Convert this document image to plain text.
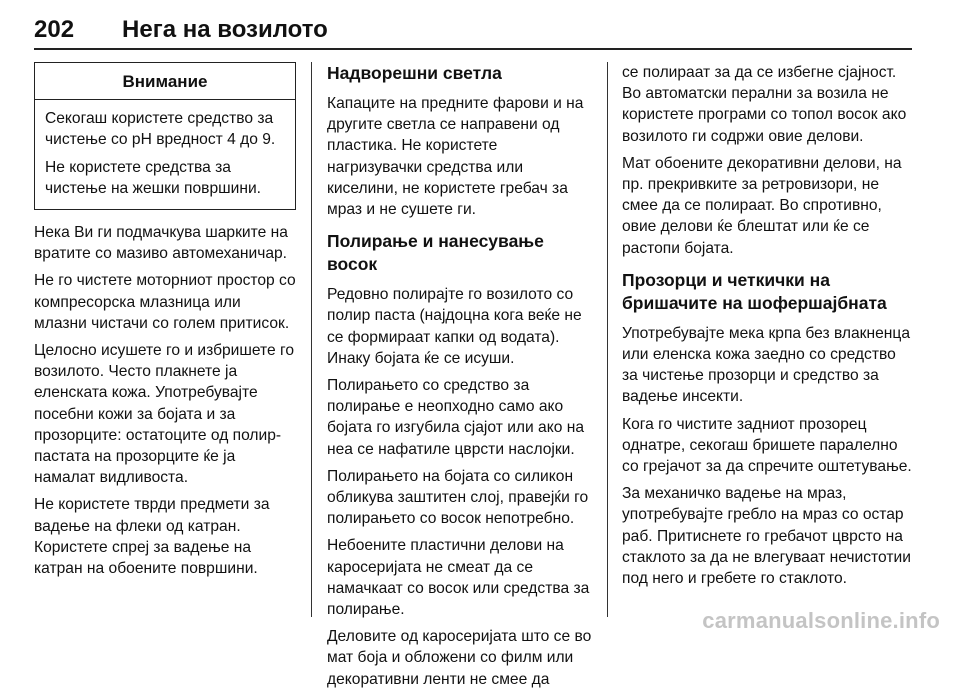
202 Нега на возилото
Внимание

Секогаш користете средство за чистење со pH вредност 4 до 9.

Не користете средства за чистење на жешки површини.

Нека Ви ги подмачкува шарките на вратите со мазиво автомеханичар.

Не го чистете моторниот простор со компресорска млазница или млазни чистачи со голем притисок.

Целосно исушете го и избришете го возилото. Често плакнете ја еленската кожа. Употребувајте посебни кожи за бојата и за прозорците: остатоците од полир-пастата на прозорците ќе ја намалат видливоста.

Не користете тврди предмети за вадење на флеки од катран. Користете спреј за вадење на катран на обоените површини.

Надворешни светла

Капаците на предните фарови и на другите светла се направени од пластика. Не користете нагризувачки средства или киселини, не користете гребач за мраз и не сушете ги.

Полирање и нанесување восок

Редовно полирајте го возилото со полир паста (најдоцна кога веќе не се формираат капки од водата). Инаку бојата ќе се исуши.

Полирањето со средство за полирање е неопходно само ако бојата го изгубила сјајот или ако на неа се нафатиле цврсти наслојки.

Полирањето на бојата со силикон обликува заштитен слој, правејќи го полирањето со восок непотребно.

Небоените пластични делови на каросеријата не смеат да се намачкаат со восок или средства за полирање.

Деловите од каросеријата што се во мат боја и обложени со филм или декоративни ленти не смее да

се полираат за да се избегне сјајност. Во автоматски перални за возила не користете програми со топол восок ако возилото ги содржи овие делови.

Мат обоените декоративни делови, на пр. прекривките за ретровизори, не смее да се полираат. Во спротивно, овие делови ќе блештат или ќе се растопи бојата.

Прозорци и четкички на бришачите на шофершајбната

Употребувајте мека крпа без влакненца или еленска кожа заедно со средство за чистење прозорци и средство за вадење инсекти.

Кога го чистите задниот прозорец однатре, секогаш бришете паралелно со грејачот за да спречите оштетување.

За механичко вадење на мраз, употребувајте гребло на мраз со остар раб. Притиснете го гребачот цврсто на стаклото за да не влегуваат нечистотии под него и гребете го стаклото.

carmanualsonline.info
